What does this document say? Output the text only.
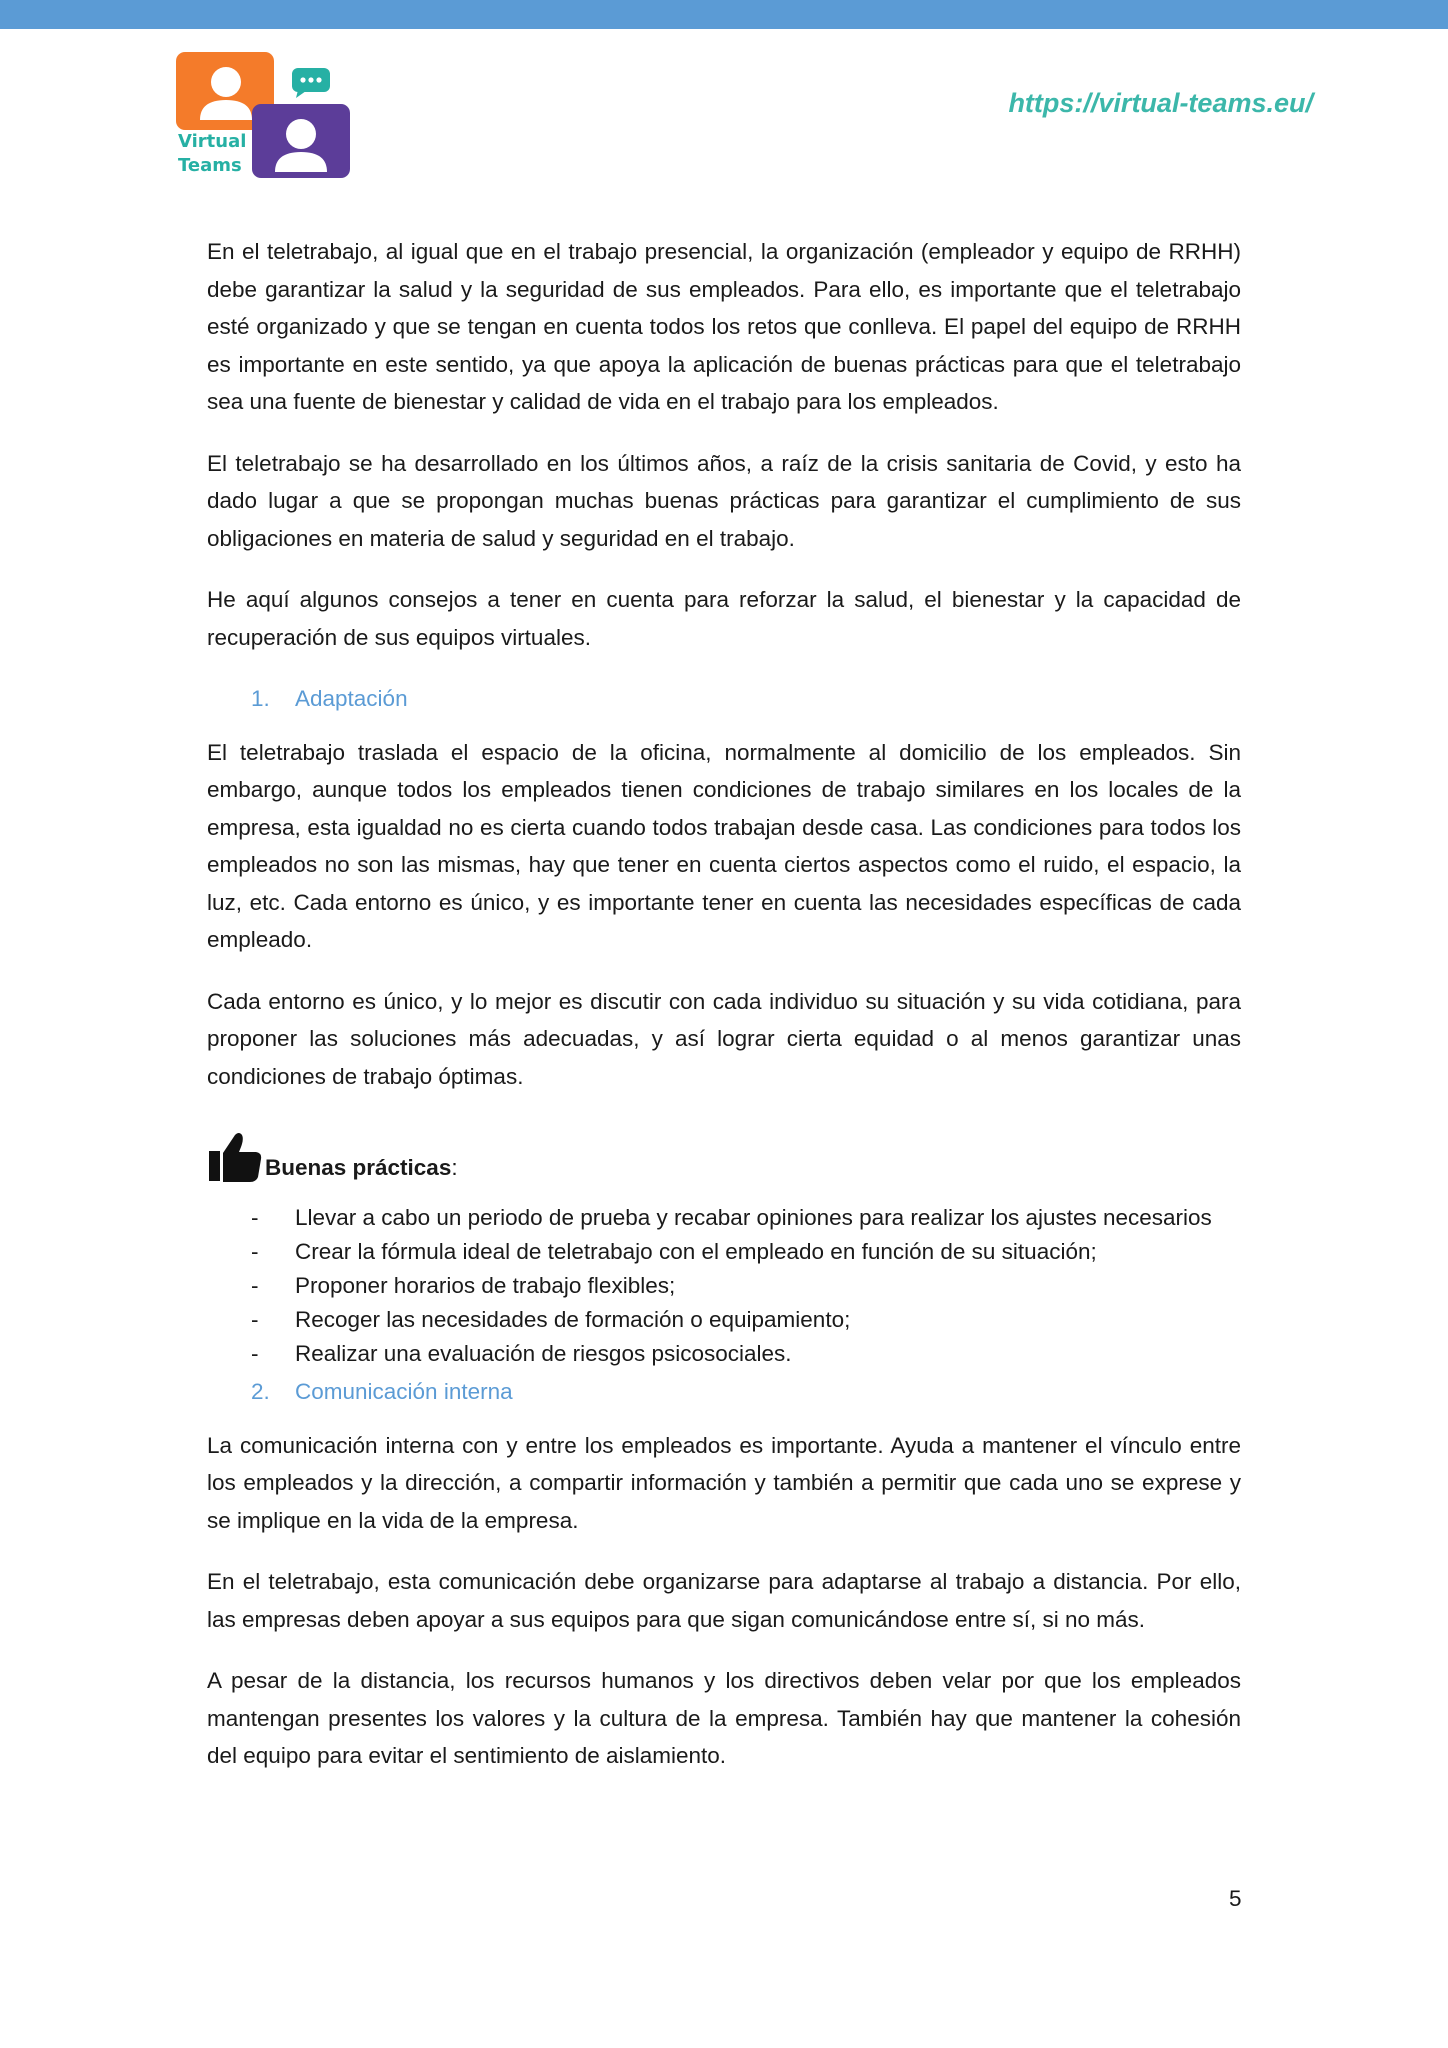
Virtual
Teams
https://virtual-teams.eu/

En el teletrabajo, al igual que en el trabajo presencial, la organización (empleador y equipo de RRHH) debe garantizar la salud y la seguridad de sus empleados. Para ello, es importante que el teletrabajo esté organizado y que se tengan en cuenta todos los retos que conlleva. El papel del equipo de RRHH es importante en este sentido, ya que apoya la aplicación de buenas prácticas para que el teletrabajo sea una fuente de bienestar y calidad de vida en el trabajo para los empleados.

El teletrabajo se ha desarrollado en los últimos años, a raíz de la crisis sanitaria de Covid, y esto ha dado lugar a que se propongan muchas buenas prácticas para garantizar el cumplimiento de sus obligaciones en materia de salud y seguridad en el trabajo.

He aquí algunos consejos a tener en cuenta para reforzar la salud, el bienestar y la capacidad de recuperación de sus equipos virtuales.

1. Adaptación

El teletrabajo traslada el espacio de la oficina, normalmente al domicilio de los empleados. Sin embargo, aunque todos los empleados tienen condiciones de trabajo similares en los locales de la empresa, esta igualdad no es cierta cuando todos trabajan desde casa. Las condiciones para todos los empleados no son las mismas, hay que tener en cuenta ciertos aspectos como el ruido, el espacio, la luz, etc. Cada entorno es único, y es importante tener en cuenta las necesidades específicas de cada empleado.

Cada entorno es único, y lo mejor es discutir con cada individuo su situación y su vida cotidiana, para proponer las soluciones más adecuadas, y así lograr cierta equidad o al menos garantizar unas condiciones de trabajo óptimas.

Buenas prácticas:
-	Llevar a cabo un periodo de prueba y recabar opiniones para realizar los ajustes necesarios
-	Crear la fórmula ideal de teletrabajo con el empleado en función de su situación;
-	Proponer horarios de trabajo flexibles;
-	Recoger las necesidades de formación o equipamiento;
-	Realizar una evaluación de riesgos psicosociales.
2. Comunicación interna

La comunicación interna con y entre los empleados es importante. Ayuda a mantener el vínculo entre los empleados y la dirección, a compartir información y también a permitir que cada uno se exprese y se implique en la vida de la empresa.

En el teletrabajo, esta comunicación debe organizarse para adaptarse al trabajo a distancia. Por ello, las empresas deben apoyar a sus equipos para que sigan comunicándose entre sí, si no más.

A pesar de la distancia, los recursos humanos y los directivos deben velar por que los empleados mantengan presentes los valores y la cultura de la empresa. También hay que mantener la cohesión del equipo para evitar el sentimiento de aislamiento.

5
